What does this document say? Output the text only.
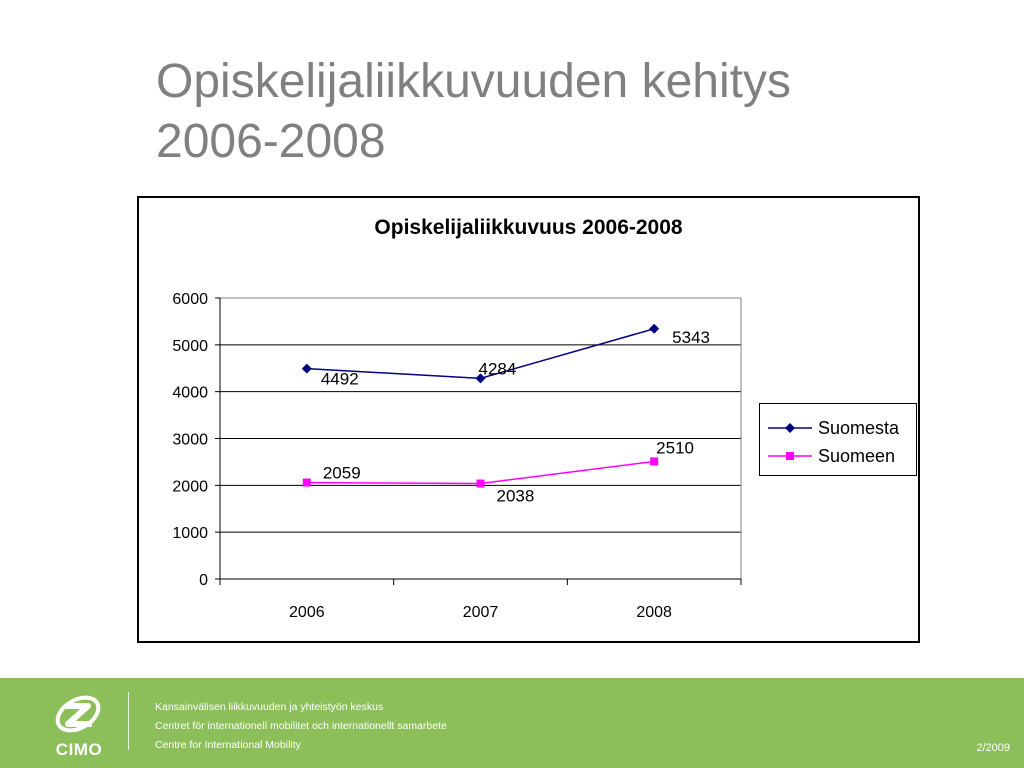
Opiskelijaliikkuvuuden kehitys
2006-2008
Opiskelijaliikkuvuus 2006-2008
0
1000
2000
3000
4000
5000
6000
2006	2007	2008
4492
4284
5343
2059
2038
2510
Suomesta
Suomeen
CIMO
Kansainvälisen liikkuvuuden ja yhteistyön keskus
Centret för internationell mobilitet och internationellt samarbete
Centre for International Mobility	2/2009
